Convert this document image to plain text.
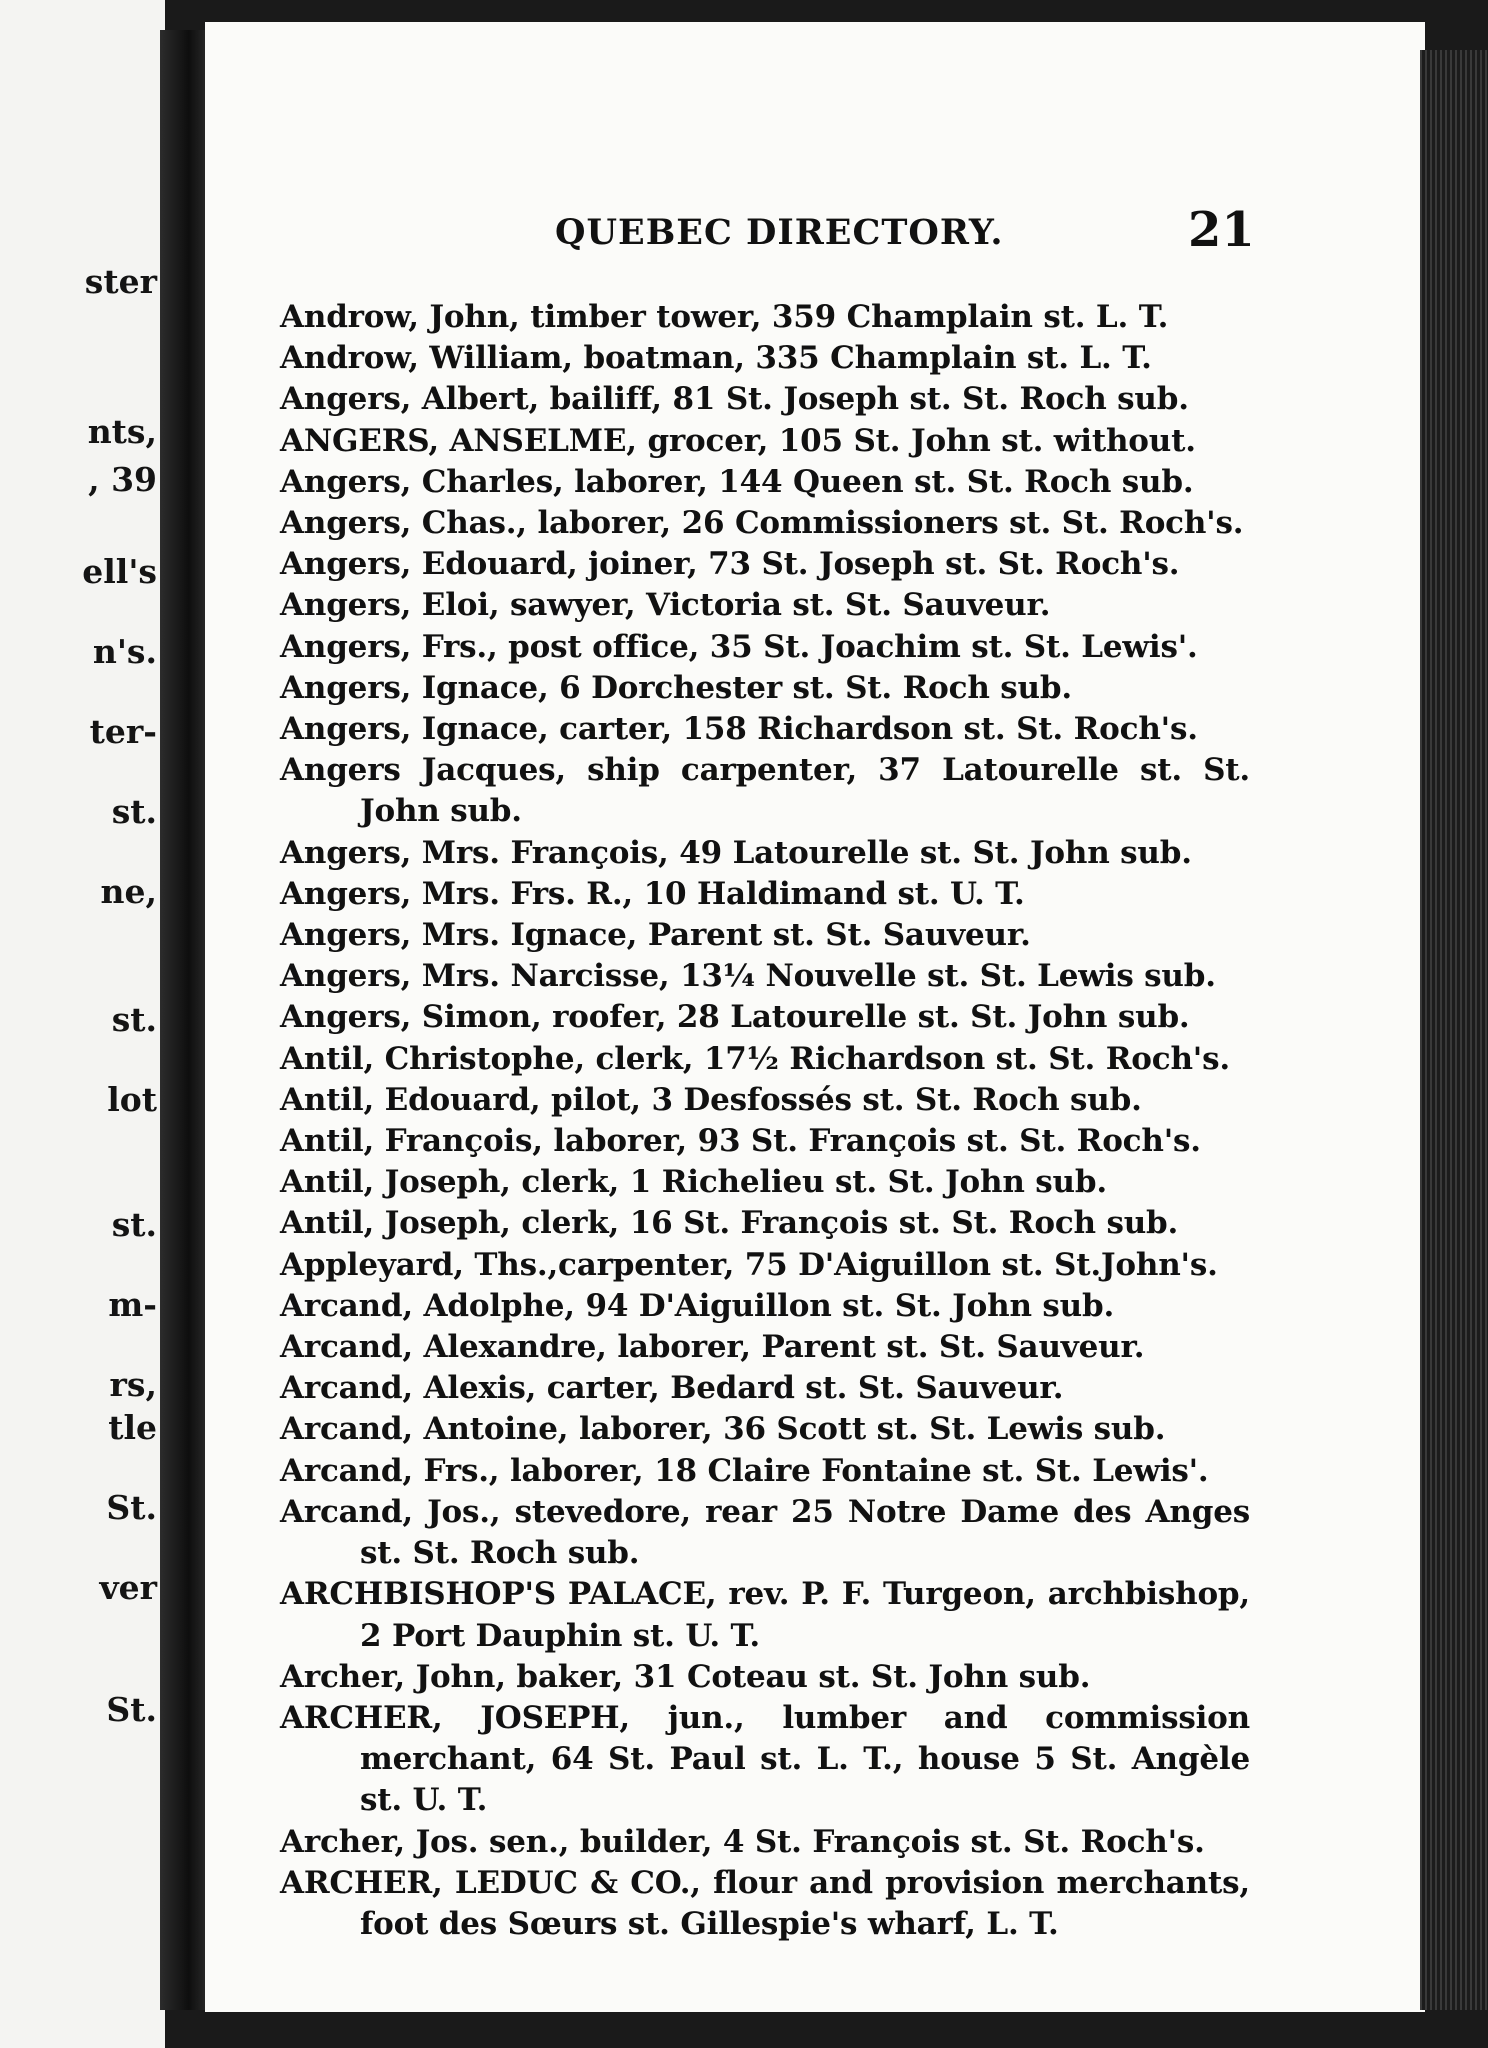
ster
nts,
, 39
ell's
n's.
ter-
st.
ne,
st.
lot
st.
m-
rs,
tle
St.
ver
St.
QUEBEC DIRECTORY.	21
Androw, John, timber tower, 359 Champlain st. L. T.
Androw, William, boatman, 335 Champlain st. L. T.
Angers, Albert, bailiff, 81 St. Joseph st. St. Roch sub.
ANGERS, ANSELME, grocer, 105 St. John st. without.
Angers, Charles, laborer, 144 Queen st. St. Roch sub.
Angers, Chas., laborer, 26 Commissioners st. St. Roch's.
Angers, Edouard, joiner, 73 St. Joseph st. St. Roch's.
Angers, Eloi, sawyer, Victoria st. St. Sauveur.
Angers, Frs., post office, 35 St. Joachim st. St. Lewis'.
Angers, Ignace, 6 Dorchester st. St. Roch sub.
Angers, Ignace, carter, 158 Richardson st. St. Roch's.
Angers Jacques, ship carpenter, 37 Latourelle st. St. John sub.
Angers, Mrs. François, 49 Latourelle st. St. John sub.
Angers, Mrs. Frs. R., 10 Haldimand st. U. T.
Angers, Mrs. Ignace, Parent st. St. Sauveur.
Angers, Mrs. Narcisse, 13¼ Nouvelle st. St. Lewis sub.
Angers, Simon, roofer, 28 Latourelle st. St. John sub.
Antil, Christophe, clerk, 17½ Richardson st. St. Roch's.
Antil, Edouard, pilot, 3 Desfossés st. St. Roch sub.
Antil, François, laborer, 93 St. François st. St. Roch's.
Antil, Joseph, clerk, 1 Richelieu st. St. John sub.
Antil, Joseph, clerk, 16 St. François st. St. Roch sub.
Appleyard, Ths.,carpenter, 75 D'Aiguillon st. St.John's.
Arcand, Adolphe, 94 D'Aiguillon st. St. John sub.
Arcand, Alexandre, laborer, Parent st. St. Sauveur.
Arcand, Alexis, carter, Bedard st. St. Sauveur.
Arcand, Antoine, laborer, 36 Scott st. St. Lewis sub.
Arcand, Frs., laborer, 18 Claire Fontaine st. St. Lewis'.
Arcand, Jos., stevedore, rear 25 Notre Dame des Anges st. St. Roch sub.
ARCHBISHOP'S PALACE, rev. P. F. Turgeon, archbishop, 2 Port Dauphin st. U. T.
Archer, John, baker, 31 Coteau st. St. John sub.
ARCHER, JOSEPH, jun., lumber and commission merchant, 64 St. Paul st. L. T., house 5 St. Angèle st. U. T.
Archer, Jos. sen., builder, 4 St. François st. St. Roch's.
ARCHER, LEDUC & CO., flour and provision merchants, foot des Sœurs st. Gillespie's wharf, L. T.
